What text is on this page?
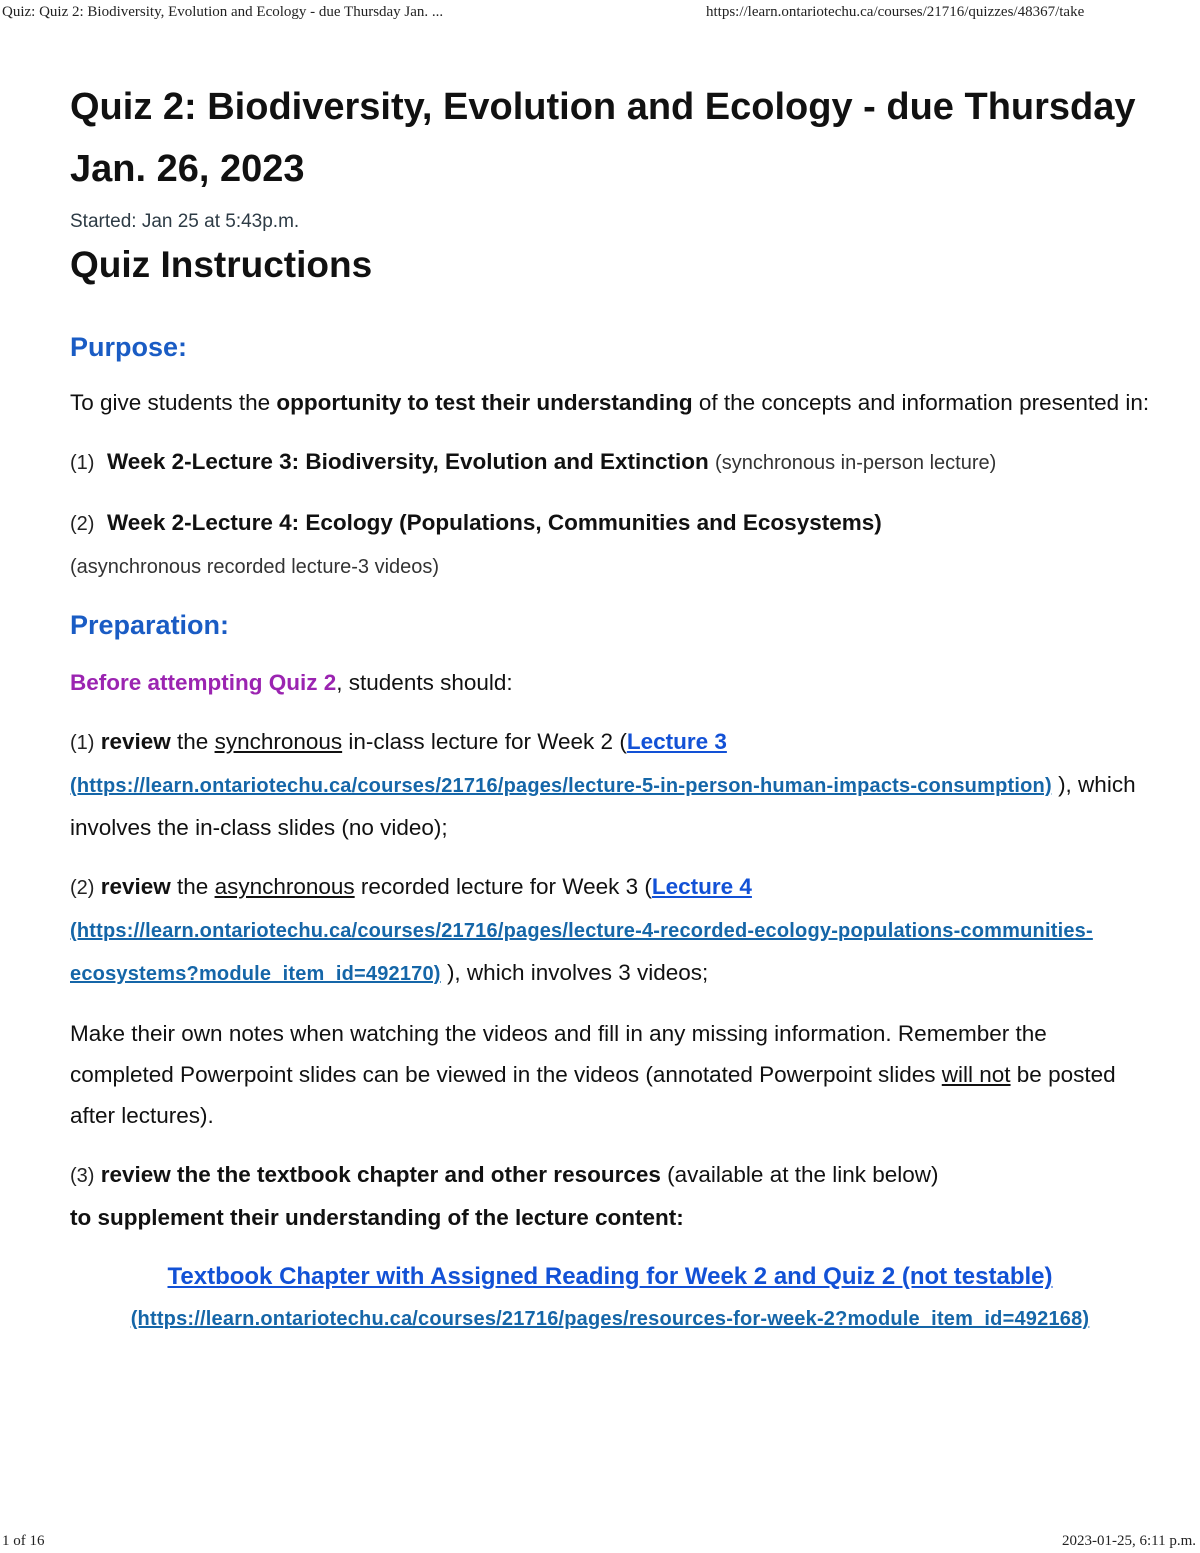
Quiz: Quiz 2: Biodiversity, Evolution and Ecology - due Thursday Jan. ...	https://learn.ontariotechu.ca/courses/21716/quizzes/48367/take
Quiz 2: Biodiversity, Evolution and Ecology - due Thursday Jan. 26, 2023
Started: Jan 25 at 5:43p.m.
Quiz Instructions
Purpose:

To give students the opportunity to test their understanding of the concepts and information presented in:

(1) Week 2-Lecture 3: Biodiversity, Evolution and Extinction (synchronous in-person lecture)

(2) Week 2-Lecture 4: Ecology (Populations, Communities and Ecosystems)
(asynchronous recorded lecture-3 videos)

Preparation:

Before attempting Quiz 2, students should:

(1) review the synchronous in-class lecture for Week 2 (Lecture 3
(https://learn.ontariotechu.ca/courses/21716/pages/lecture-5-in-person-human-impacts-consumption) ), which involves the in-class slides (no video);

(2) review the asynchronous recorded lecture for Week 3 (Lecture 4
(https://learn.ontariotechu.ca/courses/21716/pages/lecture-4-recorded-ecology-populations-communities-ecosystems?module_item_id=492170) ), which involves 3 videos;

Make their own notes when watching the videos and fill in any missing information. Remember the completed Powerpoint slides can be viewed in the videos (annotated Powerpoint slides will not be posted after lectures).

(3) review the the textbook chapter and other resources (available at the link below)
to supplement their understanding of the lecture content:

Textbook Chapter with Assigned Reading for Week 2 and Quiz 2 (not testable)
(https://learn.ontariotechu.ca/courses/21716/pages/resources-for-week-2?module_item_id=492168)

1 of 16	2023-01-25, 6:11 p.m.
